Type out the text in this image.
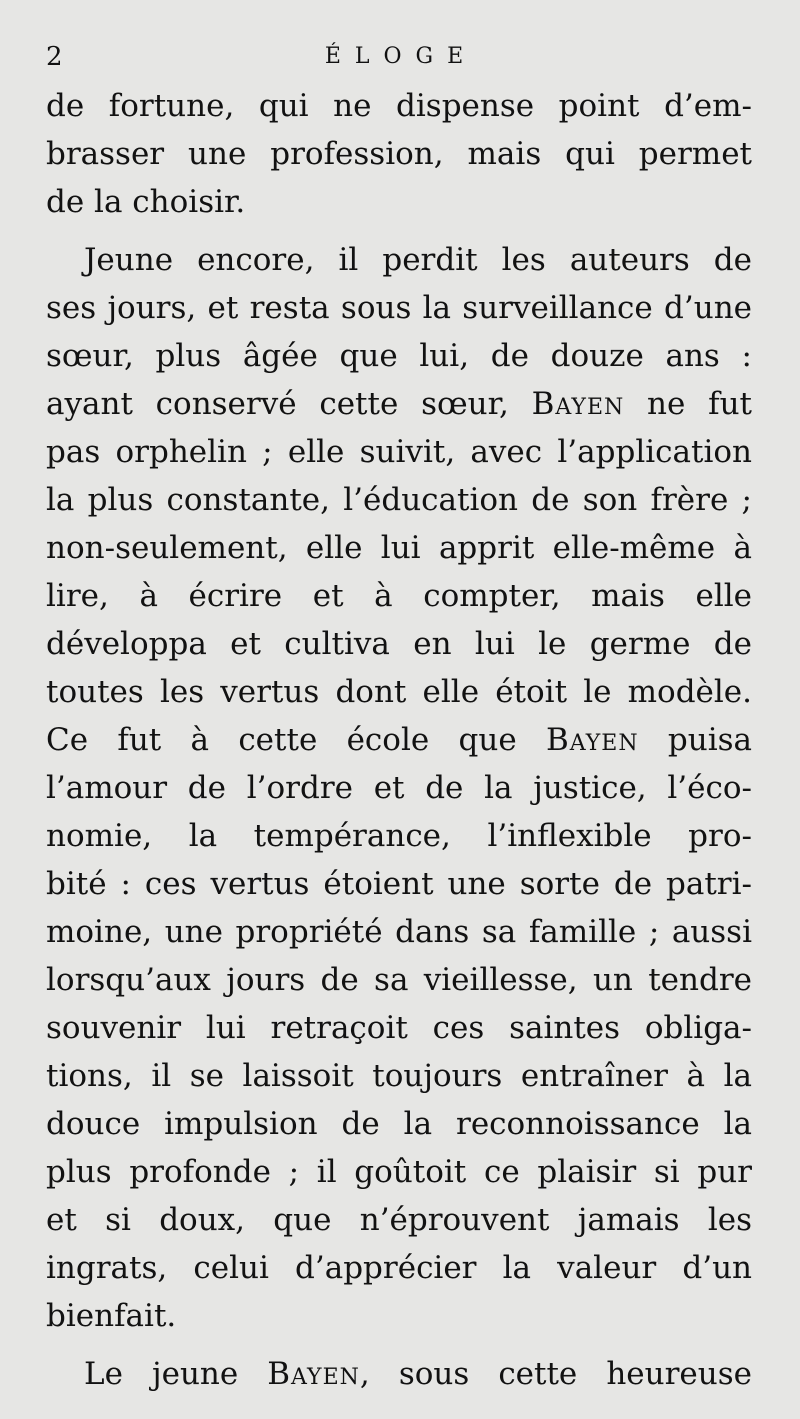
2	ÉLOGE
de fortune, qui ne dispense point d’em-
brasser une profession, mais qui permet
de la choisir.
Jeune encore, il perdit les auteurs de
ses jours, et resta sous la surveillance d’une
sœur, plus âgée que lui, de douze ans :
ayant conservé cette sœur, Bayen ne fut
pas orphelin ; elle suivit, avec l’application
la plus constante, l’éducation de son frère ;
non-seulement, elle lui apprit elle-même à
lire, à écrire et à compter, mais elle
développa et cultiva en lui le germe de
toutes les vertus dont elle étoit le modèle.
Ce fut à cette école que Bayen puisa
l’amour de l’ordre et de la justice, l’éco-
nomie, la tempérance, l’inflexible pro-
bité : ces vertus étoient une sorte de patri-
moine, une propriété dans sa famille ; aussi
lorsqu’aux jours de sa vieillesse, un tendre
souvenir lui retraçoit ces saintes obliga-
tions, il se laissoit toujours entraîner à la
douce impulsion de la reconnoissance la
plus profonde ; il goûtoit ce plaisir si pur
et si doux, que n’éprouvent jamais les
ingrats, celui d’apprécier la valeur d’un
bienfait.
Le jeune Bayen, sous cette heureuse
